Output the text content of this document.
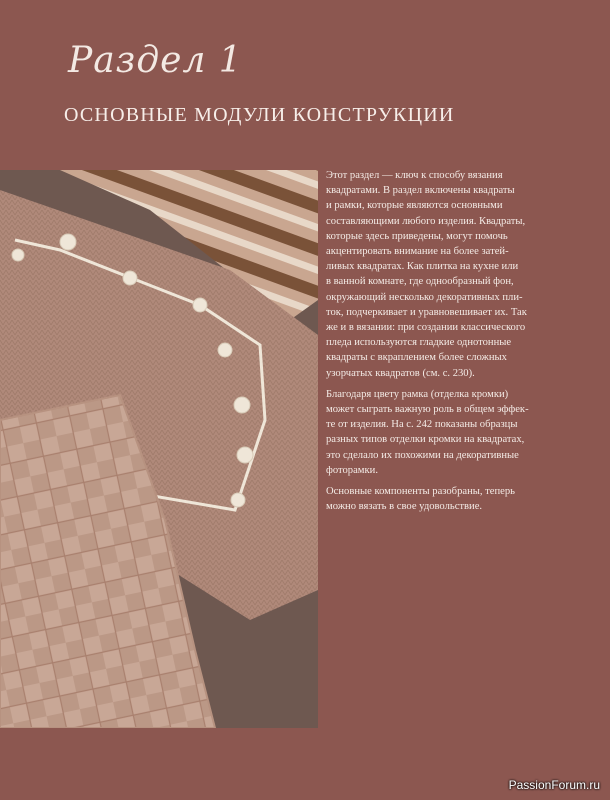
Раздел 1
ОСНОВНЫЕ МОДУЛИ КОНСТРУКЦИИ

Этот раздел — ключ к способу вязания
квадратами. В раздел включены квадраты
и рамки, которые являются основными
составляющими любого изделия. Квадраты,
которые здесь приведены, могут помочь
акцентировать внимание на более затей-
ливых квадратах. Как плитка на кухне или
в ванной комнате, где однообразный фон,
окружающий несколько декоративных пли-
ток, подчеркивает и уравновешивает их. Так
же и в вязании: при создании классического
пледа используются гладкие однотонные
квадраты с вкраплением более сложных
узорчатых квадратов (см. с. 230).

Благодаря цвету рамка (отделка кромки)
может сыграть важную роль в общем эффек-
те от изделия. На с. 242 показаны образцы
разных типов отделки кромки на квадратах,
это сделало их похожими на декоративные
фоторамки.

Основные компоненты разобраны, теперь
можно вязать в свое удовольствие.

PassionForum.ru
